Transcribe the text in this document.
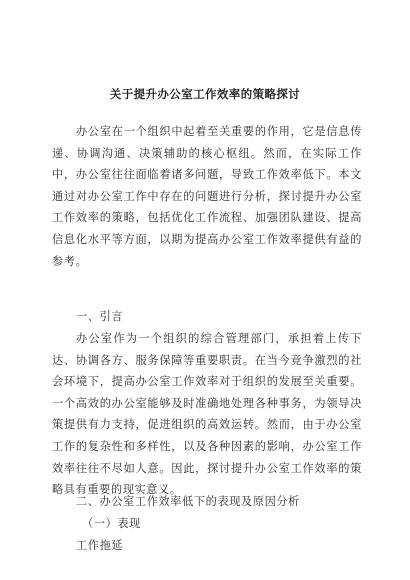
关于提升办公室工作效率的策略探讨

办公室在一个组织中起着至关重要的作用，它是信息传递、协调沟通、决策辅助的核心枢纽。然而，在实际工作中，办公室往往面临着诸多问题，导致工作效率低下。本文通过对办公室工作中存在的问题进行分析，探讨提升办公室工作效率的策略，包括优化工作流程、加强团队建设、提高信息化水平等方面，以期为提高办公室工作效率提供有益的参考。

一、引言

办公室作为一个组织的综合管理部门，承担着上传下达、协调各方、服务保障等重要职责。在当今竞争激烈的社会环境下，提高办公室工作效率对于组织的发展至关重要。一个高效的办公室能够及时准确地处理各种事务，为领导决策提供有力支持，促进组织的高效运转。然而，由于办公室工作的复杂性和多样性，以及各种因素的影响，办公室工作效率往往不尽如人意。因此，探讨提升办公室工作效率的策略具有重要的现实意义。

二、办公室工作效率低下的表现及原因分析

（一）表现

工作拖延
